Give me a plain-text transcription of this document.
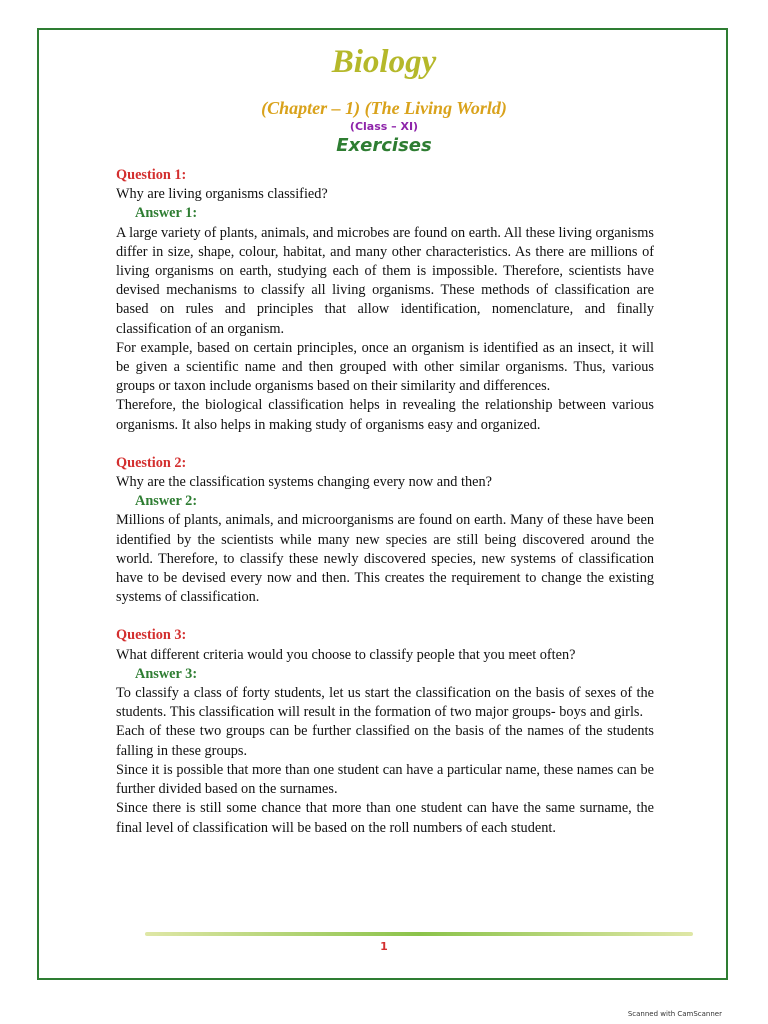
Biology
(Chapter – 1) (The Living World)
(Class – XI)
Exercises
Question 1:
Why are living organisms classified?
Answer 1:
A large variety of plants, animals, and microbes are found on earth. All these living organisms differ in size, shape, colour, habitat, and many other characteristics. As there are millions of living organisms on earth, studying each of them is impossible. Therefore, scientists have devised mechanisms to classify all living organisms. These methods of classification are based on rules and principles that allow identification, nomenclature, and finally classification of an organism.
For example, based on certain principles, once an organism is identified as an insect, it will be given a scientific name and then grouped with other similar organisms. Thus, various groups or taxon include organisms based on their similarity and differences.
Therefore, the biological classification helps in revealing the relationship between various organisms. It also helps in making study of organisms easy and organized.
Question 2:
Why are the classification systems changing every now and then?
Answer 2:
Millions of plants, animals, and microorganisms are found on earth. Many of these have been identified by the scientists while many new species are still being discovered around the world. Therefore, to classify these newly discovered species, new systems of classification have to be devised every now and then. This creates the requirement to change the existing systems of classification.
Question 3:
What different criteria would you choose to classify people that you meet often?
Answer 3:
To classify a class of forty students, let us start the classification on the basis of sexes of the students. This classification will result in the formation of two major groups- boys and girls.
Each of these two groups can be further classified on the basis of the names of the students falling in these groups.
Since it is possible that more than one student can have a particular name, these names can be further divided based on the surnames.
Since there is still some chance that more than one student can have the same surname, the final level of classification will be based on the roll numbers of each student.
1
Scanned with CamScanner
